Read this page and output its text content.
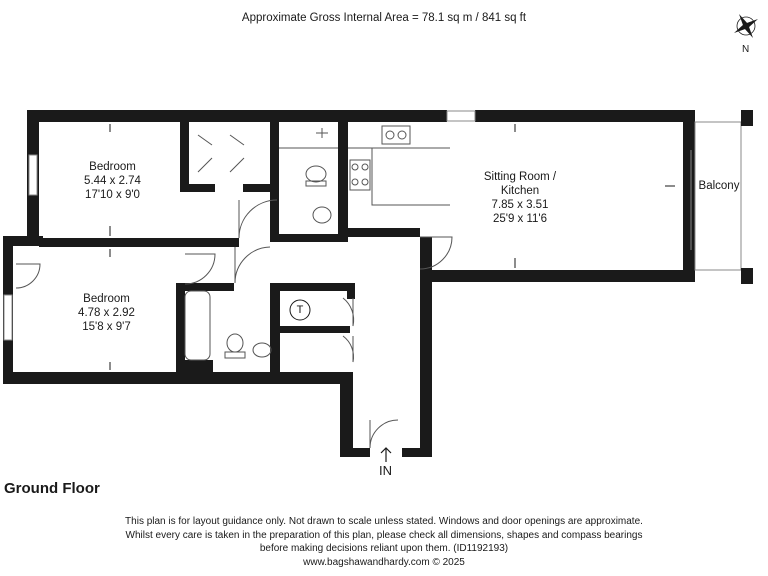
Approximate Gross Internal Area = 78.1 sq m / 841 sq ft
N
Bedroom
5.44 x 2.74
17'10 x 9'0
Bedroom
4.78 x 2.92
15'8 x 9'7
Sitting Room /
Kitchen
7.85 x 3.51
25'9 x 11'6
Balcony
T
IN
Ground Floor
This plan is for layout guidance only. Not drawn to scale unless stated. Windows and door openings are approximate.
Whilst every care is taken in the preparation of this plan, please check all dimensions, shapes and compass bearings
before making decisions reliant upon them. (ID1192193)
www.bagshawandhardy.com © 2025
